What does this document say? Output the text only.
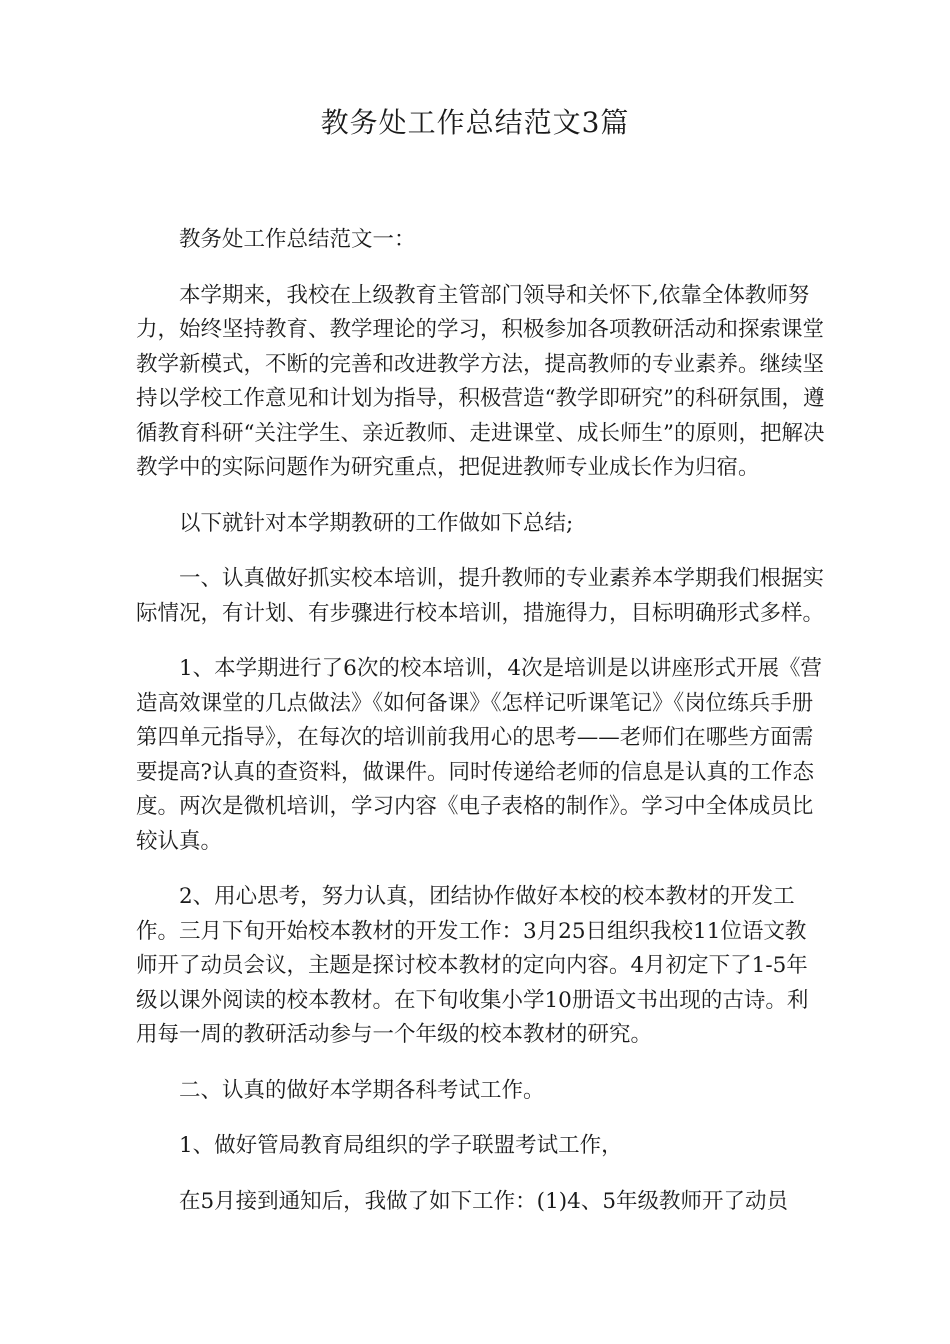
教务处工作总结范文3篇

教务处工作总结范文一：

本学期来，我校在上级教育主管部门领导和关怀下,依靠全体教师努力，始终坚持教育、教学理论的学习，积极参加各项教研活动和探索课堂教学新模式，不断的完善和改进教学方法，提高教师的专业素养。继续坚持以学校工作意见和计划为指导，积极营造“教学即研究”的科研氛围，遵循教育科研“关注学生、亲近教师、走进课堂、成长师生”的原则，把解决教学中的实际问题作为研究重点，把促进教师专业成长作为归宿。

以下就针对本学期教研的工作做如下总结;

一、认真做好抓实校本培训，提升教师的专业素养本学期我们根据实际情况，有计划、有步骤进行校本培训，措施得力，目标明确形式多样。

1、本学期进行了6次的校本培训，4次是培训是以讲座形式开展《营造高效课堂的几点做法》《如何备课》《怎样记听课笔记》《岗位练兵手册第四单元指导》，在每次的培训前我用心的思考——老师们在哪些方面需要提高?认真的查资料，做课件。同时传递给老师的信息是认真的工作态度。两次是微机培训，学习内容《电子表格的制作》。学习中全体成员比较认真。

2、用心思考，努力认真，团结协作做好本校的校本教材的开发工作。三月下旬开始校本教材的开发工作：3月25日组织我校11位语文教师开了动员会议，主题是探讨校本教材的定向内容。4月初定下了1-5年级以课外阅读的校本教材。在下旬收集小学10册语文书出现的古诗。利用每一周的教研活动参与一个年级的校本教材的研究。

二、认真的做好本学期各科考试工作。

1、做好管局教育局组织的学子联盟考试工作，

在5月接到通知后，我做了如下工作：(1)4、5年级教师开了动员
